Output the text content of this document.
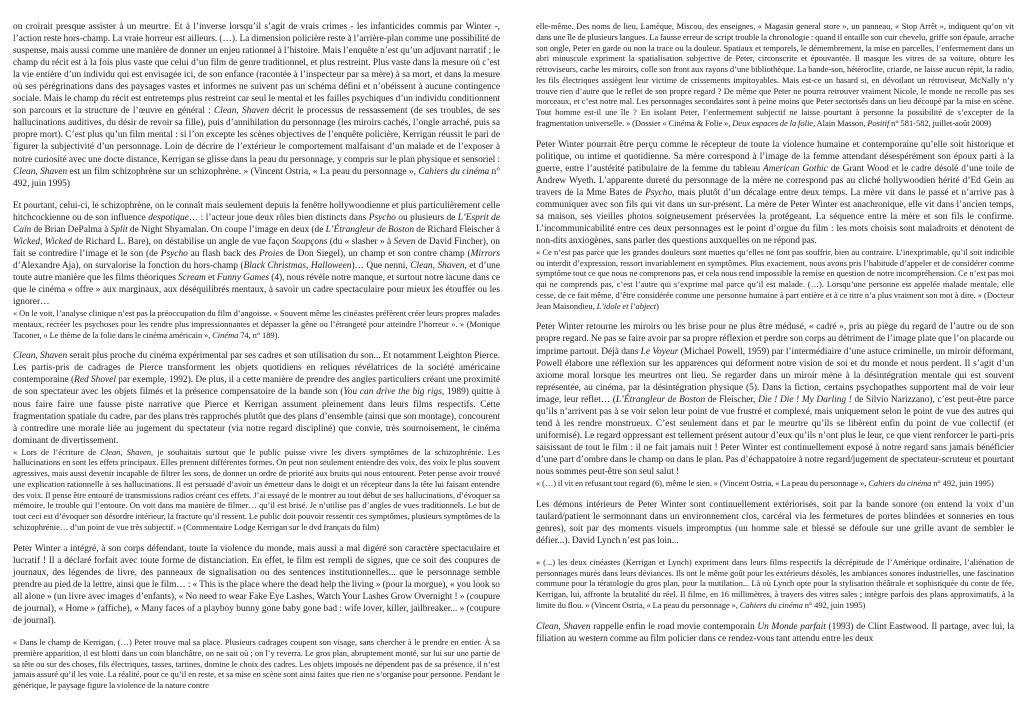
on croirait presque assister à un meurtre. Et à l’inverse lorsqu’il s’agit de vrais crimes - les infanticides commis par Winter -, l’action reste hors-champ. La vraie horreur est ailleurs. (…). La dimension policière reste à l’arrière-plan comme une possibilité de suspense, mais aussi comme une manière de donner un enjeu rationnel à l’histoire. Mais l’enquête n’est qu’un adjuvant narratif ; le champ du récit est à la fois plus vaste que celui d’un film de genre traditionnel, et plus restreint. Plus vaste dans la mesure où c’est la vie entière d’un individu qui est envisagée ici, de son enfance (racontée à l’inspecteur par sa mère) à sa mort, et dans la mesure où ses pérégrinations dans des paysages vastes et informes ne suivent pas un schéma défini et n’obéissent à aucune contingence sociale. Mais le champ du récit est entretemps plus restreint car seul le mental et les failles psychiques d’un individu conditionnent son parcours et la structure de l’œuvre en général : Clean, Shaven décrit le processus de ressassement (de ses troubles, de ses hallucinations auditives, du désir de revoir sa fille), puis d’annihilation du personnage (les miroirs cachés, l’ongle arraché, puis sa propre mort). C’est plus qu’un film mental : si l’on excepte les scènes objectives de l’enquête policière, Kerrigan réussit le pari de figurer la subjectivité d’un personnage. Loin de décrire de l’extérieur le comportement malfaisant d’un malade et de l’exposer à notre curiosité avec une docte distance, Kerrigan se glisse dans la peau du personnage, y compris sur le plan physique et sensoriel : Clean, Shaven est un film schizophrène sur un schizophrène. » (Vincent Ostria, « La peau du personnage », Cahiers du cinéma n° 492, juin 1995)

Et pourtant, celui-ci, le schizophrène, on le connaît mais seulement depuis la fenêtre hollywoodienne et plus particulièrement celle hitchcockienne ou de son influence despotique… : l’acteur joue deux rôles bien distincts dans Psycho ou plusieurs de L’Esprit de Caïn de Brian DePalma à Split de Night Shyamalan. On coupe l’image en deux (de L’Étrangleur de Boston de Richard Fleischer à Wicked, Wicked de Richard L. Bare), on déstabilise un angle de vue façon Soupçons (du « slasher » à Seven de David Fincher), on fait se contredire l’image et le son (de Psycho au flash back des Proies de Don Siegel), un champ et son contre champ (Mirrors d’Alexandre Aja), on survalorise la fonction du hors-champ (Black Christmas, Halloween)… Que nenni, Clean, Shaven, et d’une toute autre manière que les films théoriques Scream et Funny Games (4), nous révèle notre manque, et surtout notre lacune dans ce que le cinéma « offre » aux marginaux, aux déséquilibrés mentaux, à savoir un cadre spectaculaire pour mieux les étouffer ou les ignorer…

« On le voit, l’analyse clinique n’est pas la préoccupation du film d’angoisse. « Souvent même les cinéastes préfèrent créer leurs propres malades mentaux, recréer les psychoses pour les rendre plus impressionnantes et dépasser la gêne ou l’étrangeté pour atteindre l’horreur ». » (Monique Taconet, « Le thème de la folie dans le cinéma américain », Cinéma 74, n° 189).

Clean, Shaven serait plus proche du cinéma expérimental par ses cadres et son utilisation du son... Et notamment Leighton Pierce. Les partis-pris de cadrages de Pierce transforment les objets quotidiens en reliques révélatrices de la société américaine contemporaine (Red Shovel par exemple, 1992). De plus, il a cette manière de prendre des angles particuliers créant une proximité de son spectateur avec les objets filmés et la présence compensatoire de la bande son (You can drive the big rigs, 1989) quitte à nous faire faire une fausse piste narrative que Pierce et Kerrigan assument pleinement dans leurs films respectifs. Cette fragmentation spatiale du cadre, par des plans très rapprochés plutôt que des plans d’ensemble (ainsi que son montage), concourent à contredire une morale liée au jugement du spectateur (via notre regard discipliné) que convie, très sournoisement, le cinéma dominant de divertissement.

« Lors de l’écriture de Clean, Shaven, je souhaitais surtout que le public puisse vivre les divers symptômes de la schizophrénie. Les hallucinations en sont les effets principaux. Elles prennent différentes formes. On peut non seulement entendre des voix, des voix le plus souvent agressives, mais aussi devenir incapable de filtrer les sons, de donner un ordre de priorité aux bruits qui nous entourent. Peter pense avoir trouvé une explication rationnelle à ses hallucinations. Il est persuadé d’avoir un émetteur dans le doigt et un récepteur dans la tête lui faisant entendre des voix. Il pense être entouré de transmissions radios créant ces effets. J’ai essayé de le montrer au tout début de ses hallucinations, d’évoquer sa mémoire, le trouble qui l’entoure. On voit dans ma manière de filmer… qu’il est brisé. Je n’utilise pas d’angles de vues traditionnels. Le but de tout ceci est d’évoquer son désordre intérieur, la fracture qu’il ressent. Le public doit pouvoir ressentir ces symptômes, plusieurs symptômes de la schizophrénie… d’un point de vue très subjectif. » (Commentaire Lodge Kerrigan sur le dvd français du film)

Peter Winter a intégré, à son corps défendant, toute la violence du monde, mais aussi a mal digéré son caractère spectaculaire et lucratif ! Il a déclaré forfait avec toute forme de distanciation. En effet, le film est rempli de signes, que ce soit des coupures de journaux, des légendes de livre, des panneaux de signalisation ou des sentences institutionnelles... que le personnage semble prendre au pied de la lettre, ainsi que le film… : « This is the place where the dead help the living » (pour la morgue), « you look so all alone » (un livre avec images d’enfants), « No need to wear Fake Eye Lashes, Watch Your Lashes Grow Overnight ! » (coupure de journal), « Home » (affiche), « Many faces of a playboy bunny gone baby gone bad : wife lover, killer, jailbreaker... » (coupure de journal).

« Dans le champ de Kerrigan, (…) Peter trouve mal sa place. Plusieurs cadrages coupent son visage, sans chercher à le prendre en entier. À sa première apparition, il est blotti dans un coin blanchâtre, on ne sait où ; on l’y reverra. Le gros plan, abruptement monté, sur lui sur une partie de sa tête ou sur des choses, fils électriques, tasses, tartines, domine le choix des cadres. Les objets imposés ne dépendent pas de sa présence, il n’est jamais assuré qu’il les voie. La réalité, pour ce qu’il en reste, et sa mise en scène sont ainsi faites que rien ne s’organise pour personne. Pendant le générique, le paysage figure la violence de la nature contre

elle-même. Des noms de lieu, Lamèque, Miscou, des enseignes, « Magasin general store », un panneau, « Stop Arrêt », indiquent qu’on vit dans une île de plusieurs langues. La fausse erreur de script trouble la chronologie : quand il entaille son cuir chevelu, griffe son épaule, arrache son ongle, Peter en garde ou non la trace ou la douleur. Spatiaux et temporels, le démembrement, la mise en parcelles, l’enfermement dans un abri minuscule expriment la spatialisation subjective de Peter, circonscrite et épouvantée. Il masque les vitres de sa voiture, obture les rétroviseurs, cache les miroirs, colle son front aux rayons d’une bibliothèque. La bande-son, hétéroclite, criarde, ne laisse aucun répit, la radio, les fils électriques assiègent leur victime de crissements impitoyables. Mais est-ce un hasard si, en dévoilant un rétroviseur, McNally n’y trouve rien d’autre que le reflet de son propre regard ? De même que Peter ne pourra retrouver vraiment Nicole, le monde ne recolle pas ses morceaux, et c’est notre mal. Les personnages secondaires sont à peine moins que Peter sectorisés dans un lieu découpé par la mise en scène. Tout homme est-il une île ? En isolant Peter, l’enfermement subjectif ne laisse pourtant à personne la possibilité de s’excepter de la fragmentation universelle. » (Dossier « Cinéma & Folie », Deux espaces de la folie, Alain Masson, Positif n° 581-582, juillet-août 2009)

Peter Winter pourrait être perçu comme le récepteur de toute la violence humaine et contemporaine qu’elle soit historique et politique, ou intime et quotidienne. Sa mère correspond à l’image de la femme attendant désespérément son époux parti à la guerre, entre l’austérité patibulaire de la femme du tableau American Gothic de Grant Wood et le cadre désolé d’une toile de Andrew Wyeth. L’apparente dureté du personnage de la mère ne correspond pas au cliché hollywoodien hérité d’Ed Gein au travers de la Mme Bates de Psycho, mais plutôt d’un décalage entre deux temps. La mère vit dans le passé et n’arrive pas à communiquer avec son fils qui vit dans un sur-présent. La mère de Peter Winter est anachronique, elle vit dans l’ancien temps, sa maison, ses vieilles photos soigneusement préservées la protégeant. La séquence entre la mère et son fils le confirme. L’incommunicabilité entre ces deux personnages est le point d’orgue du film : les mots choisis sont maladroits et dénotent de non-dits anxiogènes, sans parler des questions auxquelles on ne répond pas.

« Ce n’est pas parce que les grandes douleurs sont muettes qu’elles ne font pas souffrir, bien au contraire. L’inexprimable, qu’il soit indicible ou interdit d’expression, ressort invariablement en symptômes. Plus exactement, nous avons pris l’habitude d’appeler et de considérer comme symptôme tout ce que nous ne comprenons pas, et cela nous rend impossible la remise en question de notre incompréhension. Ce n’est pas moi qui ne comprends pas, c’est l’autre qui s’exprime mal parce qu’il est malade. (…). Lorsqu’une personne est appelée malade mentale, elle cesse, de ce fait même, d’être considérée comme une personne humaine à part entière et à ce titre n’a plus vraiment son mot à dire. » (Docteur Jean Maisondieu, L’idole et l’abject)

Peter Winter retourne les miroirs ou les brise pour ne plus être médusé, « cadré », pris au piège du regard de l’autre ou de son propre regard. Ne pas se faire avoir par sa propre réflexion et perdre son corps au détriment de l’image plate que l’on placarde ou imprime partout. Déjà dans Le Voyeur (Michael Powell, 1959) par l’intermédiaire d’une astuce criminelle, un miroir déformant, Powell élabore une réflexion sur les apparences qui déforment notre vision de soi et du monde et nous perdent. Il s’agit d’un axiome moral lorsque les meurtres ont lieu. Se regarder dans un miroir mène à la désintégration mentale qui est souvent représentée, au cinéma, par la désintégration physique (5). Dans la fiction, certains psychopathes supportent mal de voir leur image, leur reflet… (L’Étrangleur de Boston de Fleischer, Die ! Die ! My Darling ! de Silvio Narizzano), c’est peut-être parce qu’ils n’arrivent pas à se voir selon leur point de vue frustré et complexé, mais uniquement selon le point de vue des autres qui tend à les rendre monstrueux. C’est seulement dans et par le meurtre qu’ils se libèrent enfin du point de vue collectif (et uniformisé). Le regard oppressant est tellement présent autour d’eux qu’ils n’ont plus le leur, ce que vient renforcer le parti-pris saisissant de tout le film : il ne fait jamais nuit ! Peter Winter est continuellement exposé à notre regard sans jamais bénéficier d’une part d’ombre dans le champ ou dans le plan. Pas d’échappatoire à notre regard/jugement de spectateur-scruteur et pourtant nous sommes peut-être son seul salut !

« (…) il vit en refusant tout regard (6), même le sien. » (Vincent Ostria, « La peau du personnage », Cahiers du cinéma n° 492, juin 1995)

Les démons intérieurs de Peter Winter sont continuellement extériorisés, soit par la bande sonore (on entend la voix d’un taulard/patient le sermonnant dans un environnement clos, carcéral via les fermetures de portes blindées et sonneries en tous genres), soit par des moments visuels impromptus (un homme sale et blessé se défoule sur une grille avant de sembler le défier...). David Lynch n’est pas loin...

« (...) les deux cinéastes (Kerrigan et Lynch) expriment dans leurs films respectifs la décrépitude de l’Amérique ordinaire, l’aliénation de personnages murés dans leurs déviances. Ils ont le même goût pour les extérieurs désolés, les ambiances sonores industrielles, une fascination commune pour la tératologie du gros plan, pour la mutilation... Là où Lynch opte pour la stylisation théâtrale et sophistiquée du conte de fée, Kerrigan, lui, affronte la brutalité du réel. Il filme, en 16 millimètres, à travers des vitres sales ; intègre parfois des plans approximatifs, à la limite du flou. » (Vincent Ostria, « La peau du personnage », Cahiers du cinéma n° 492, juin 1995)

Clean, Shaven rappelle enfin le road movie contemporain Un Monde parfait (1993) de Clint Eastwood. Il partage, avec lui, la filiation au western comme au film policier dans ce rendez-vous tant attendu entre les deux
